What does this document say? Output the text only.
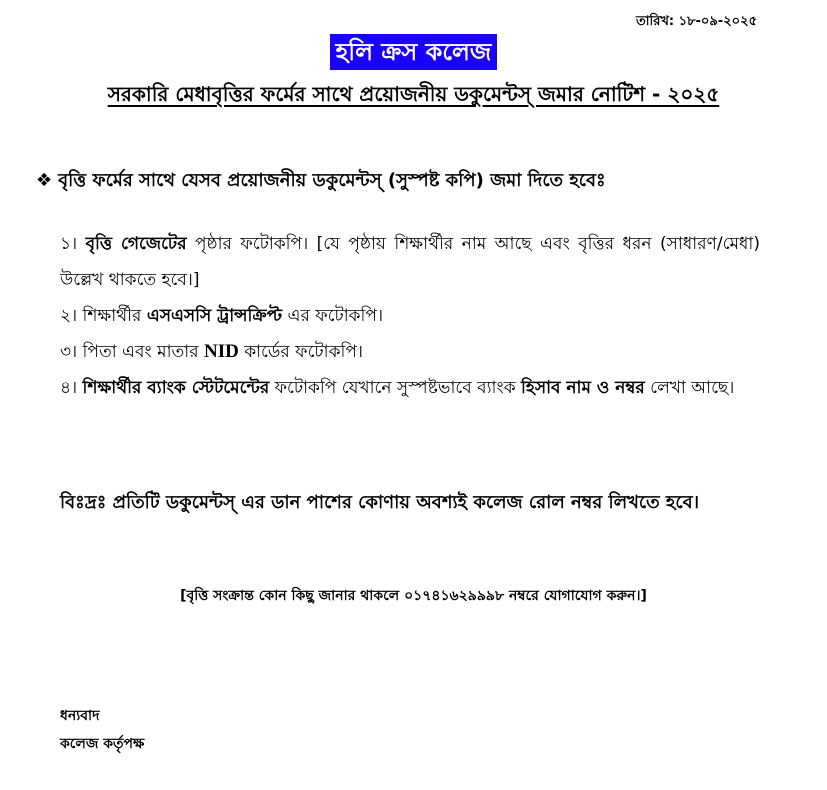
তারিখ: ১৮-০৯-২০২৫
হলি ক্রস কলেজ
সরকারি মেধাবৃত্তির ফর্মের সাথে প্রয়োজনীয় ডকুমেন্টস্ জমার নোটিশ - ২০২৫
❖ বৃত্তি ফর্মের সাথে যেসব প্রয়োজনীয় ডকুমেন্টস্ (সুস্পষ্ট কপি) জমা দিতে হবেঃ
১। বৃত্তি গেজেটের পৃষ্ঠার ফটোকপি। [যে পৃষ্ঠায় শিক্ষার্থীর নাম আছে এবং বৃত্তির ধরন (সাধারণ/মেধা) উল্লেখ থাকতে হবে।]
২। শিক্ষার্থীর এসএসসি ট্রান্সক্রিপ্ট এর ফটোকপি।
৩। পিতা এবং মাতার NID কার্ডের ফটোকপি।
৪। শিক্ষার্থীর ব্যাংক স্টেটমেন্টের ফটোকপি যেখানে সুস্পষ্টভাবে ব্যাংক হিসাব নাম ও নম্বর লেখা আছে।
বিঃদ্রঃ প্রতিটি ডকুমেন্টস্ এর ডান পাশের কোণায় অবশ্যই কলেজ রোল নম্বর লিখতে হবে।
[বৃত্তি সংক্রান্ত কোন কিছু জানার থাকলে ০১৭৪১৬২৯৯৯৮ নম্বরে যোগাযোগ করুন।]
ধন্যবাদ
কলেজ কর্তৃপক্ষ
